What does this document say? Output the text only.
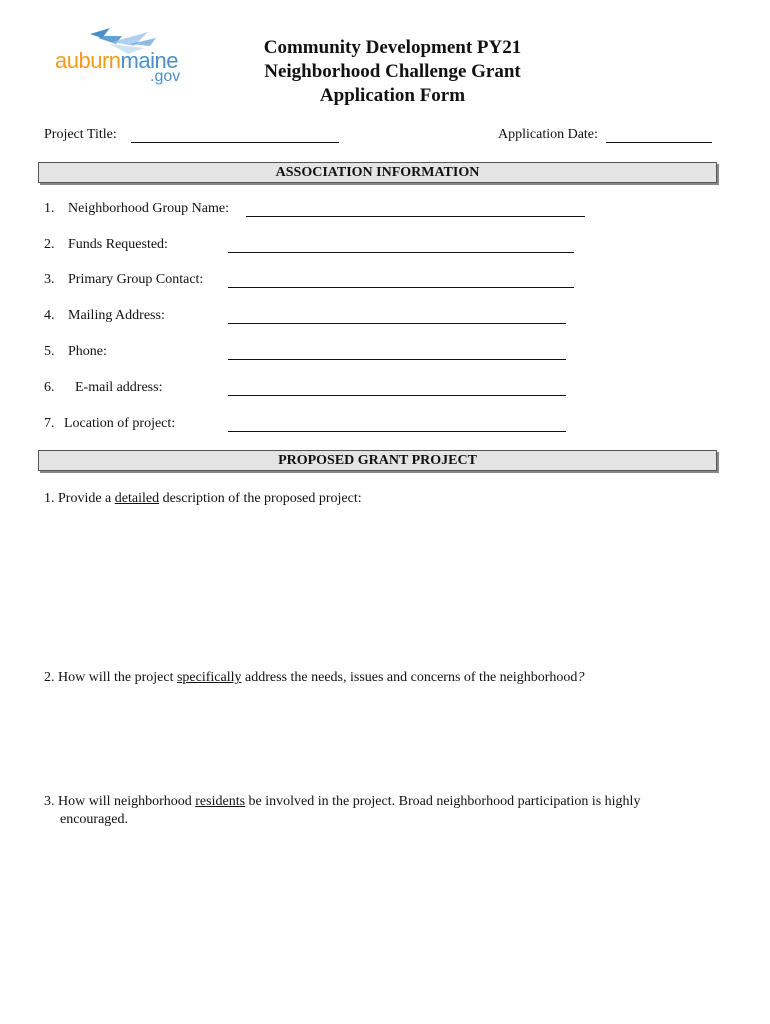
auburnmaine
.gov
Community Development PY21
Neighborhood Challenge Grant
Application Form
Project Title:	Application Date:
ASSOCIATION INFORMATION
1. Neighborhood Group Name:
2. Funds Requested:
3. Primary Group Contact:
4. Mailing Address:
5. Phone:
6. E-mail address:
7. Location of project:
PROPOSED GRANT PROJECT
1. Provide a detailed description of the proposed project:
2. How will the project specifically address the needs, issues and concerns of the neighborhood?
3. How will neighborhood residents be involved in the project. Broad neighborhood participation is highly
encouraged.
